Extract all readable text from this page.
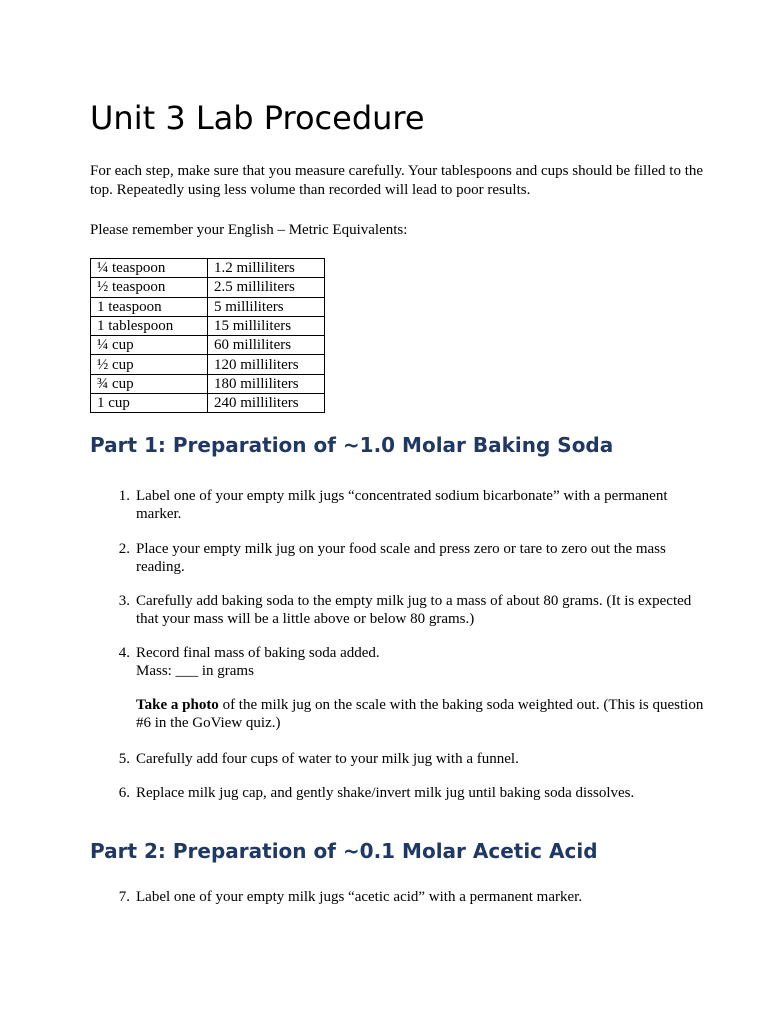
Unit 3 Lab Procedure

For each step, make sure that you measure carefully. Your tablespoons and cups should be filled to the top. Repeatedly using less volume than recorded will lead to poor results.

Please remember your English – Metric Equivalents:

¼ teaspoon	1.2 milliliters
½ teaspoon	2.5 milliliters
1 teaspoon	5 milliliters
1 tablespoon	15 milliliters
¼ cup	60 milliliters
½ cup	120 milliliters
¾ cup	180 milliliters
1 cup	240 milliliters
Part 1: Preparation of ~1.0 Molar Baking Soda
1. Label one of your empty milk jugs “concentrated sodium bicarbonate” with a permanent marker.
2. Place your empty milk jug on your food scale and press zero or tare to zero out the mass reading.
3. Carefully add baking soda to the empty milk jug to a mass of about 80 grams. (It is expected that your mass will be a little above or below 80 grams.)
4. Record final mass of baking soda added.
Mass: ___ in grams
Take a photo of the milk jug on the scale with the baking soda weighted out. (This is question #6 in the GoView quiz.)
5. Carefully add four cups of water to your milk jug with a funnel.
6. Replace milk jug cap, and gently shake/invert milk jug until baking soda dissolves.
Part 2: Preparation of ~0.1 Molar Acetic Acid
7. Label one of your empty milk jugs “acetic acid” with a permanent marker.
